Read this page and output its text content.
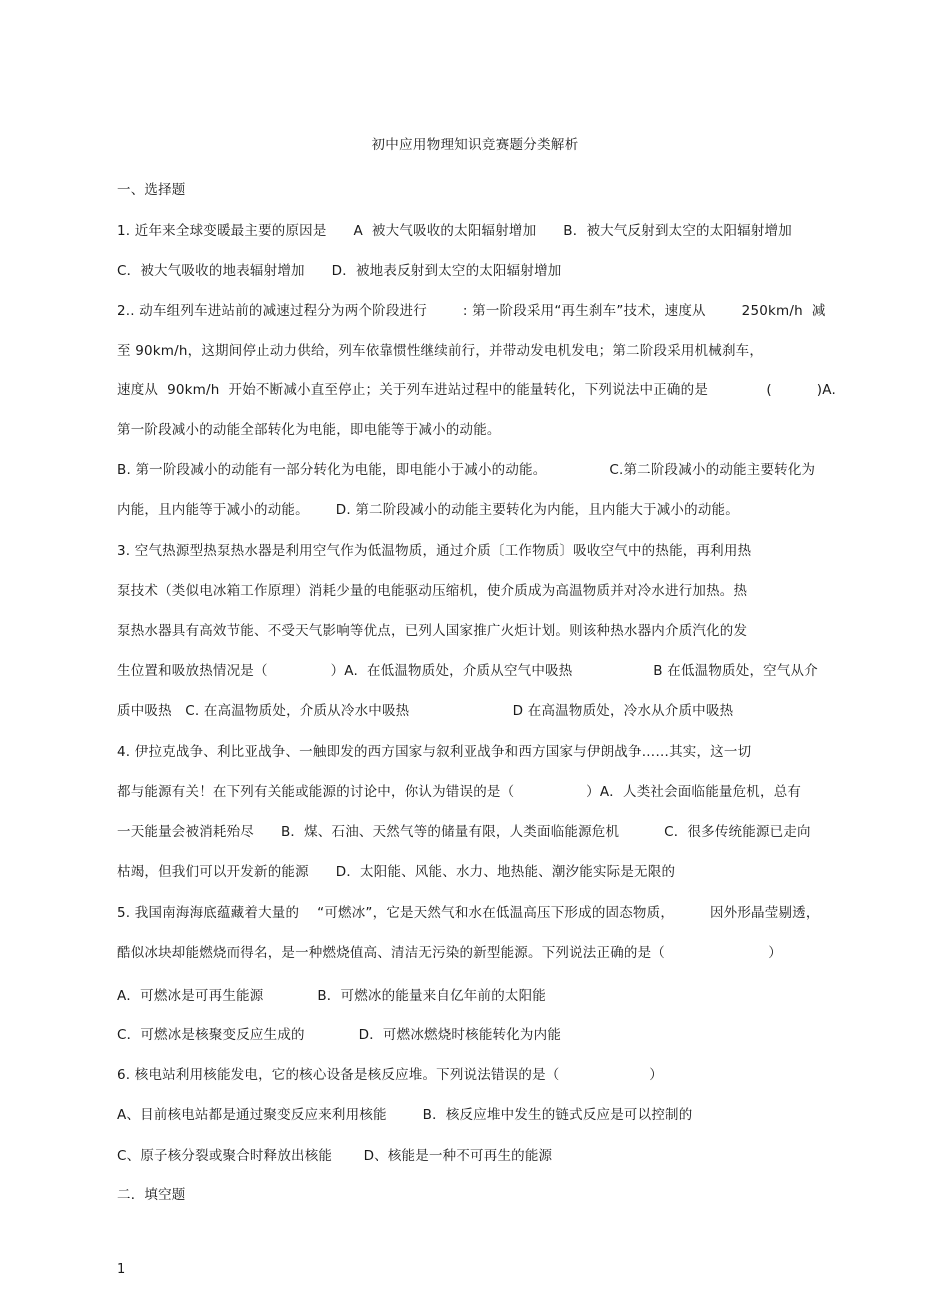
初中应用物理知识竞赛题分类解析
一、选择题
1. 近年来全球变暖最主要的原因是      A  被大气吸收的太阳辐射增加      B．被大气反射到太空的太阳辐射增加
C．被大气吸收的地表辐射增加      D．被地表反射到太空的太阳辐射增加
2.. 动车组列车进站前的减速过程分为两个阶段进行        : 第一阶段采用“再生刹车”技术，速度从        250km/h  减
至 90km/h，这期间停止动力供给，列车依靠惯性继续前行，并带动发电机发电；第二阶段采用机械刹车，
速度从  90km/h  开始不断减小直至停止；关于列车进站过程中的能量转化，下列说法中正确的是             (          )A.
第一阶段减小的动能全部转化为电能，即电能等于减小的动能。
B. 第一阶段减小的动能有一部分转化为电能，即电能小于减小的动能。              C.第二阶段减小的动能主要转化为
内能，且内能等于减小的动能。      D. 第二阶段减小的动能主要转化为内能，且内能大于减小的动能。
3. 空气热源型热泵热水器是利用空气作为低温物质，通过介质〔工作物质〕吸收空气中的热能，再利用热
泵技术（类似电冰箱工作原理）消耗少量的电能驱动压缩机，使介质成为高温物质并对冷水进行加热。热
泵热水器具有高效节能、不受天气影响等优点，已列人国家推广火炬计划。则该种热水器内介质汽化的发
生位置和吸放热情况是（              ）A.  在低温物质处，介质从空气中吸热                  B 在低温物质处，空气从介
质中吸热   C. 在高温物质处，介质从冷水中吸热                       D 在高温物质处，冷水从介质中吸热
4. 伊拉克战争、利比亚战争、一触即发的西方国家与叙利亚战争和西方国家与伊朗战争……其实，这一切
都与能源有关！在下列有关能或能源的讨论中，你认为错误的是（                ）A．人类社会面临能量危机，总有
一天能量会被消耗殆尽      B．煤、石油、天然气等的储量有限，人类面临能源危机          C．很多传统能源已走向
枯竭，但我们可以开发新的能源      D．太阳能、风能、水力、地热能、潮汐能实际是无限的
5. 我国南海海底蕴藏着大量的    “可燃冰”，它是天然气和水在低温高压下形成的固态物质，        因外形晶莹剔透，
酷似冰块却能燃烧而得名，是一种燃烧值高、清洁无污染的新型能源。下列说法正确的是（                       ）
A．可燃冰是可再生能源            B．可燃冰的能量来自亿年前的太阳能
C．可燃冰是核聚变反应生成的            D．可燃冰燃烧时核能转化为内能
6. 核电站利用核能发电，它的核心设备是核反应堆。下列说法错误的是（                    ）
A、目前核电站都是通过聚变反应来利用核能        B．核反应堆中发生的链式反应是可以控制的
C、原子核分裂或聚合时释放出核能       D、核能是一种不可再生的能源
二．填空题
1
